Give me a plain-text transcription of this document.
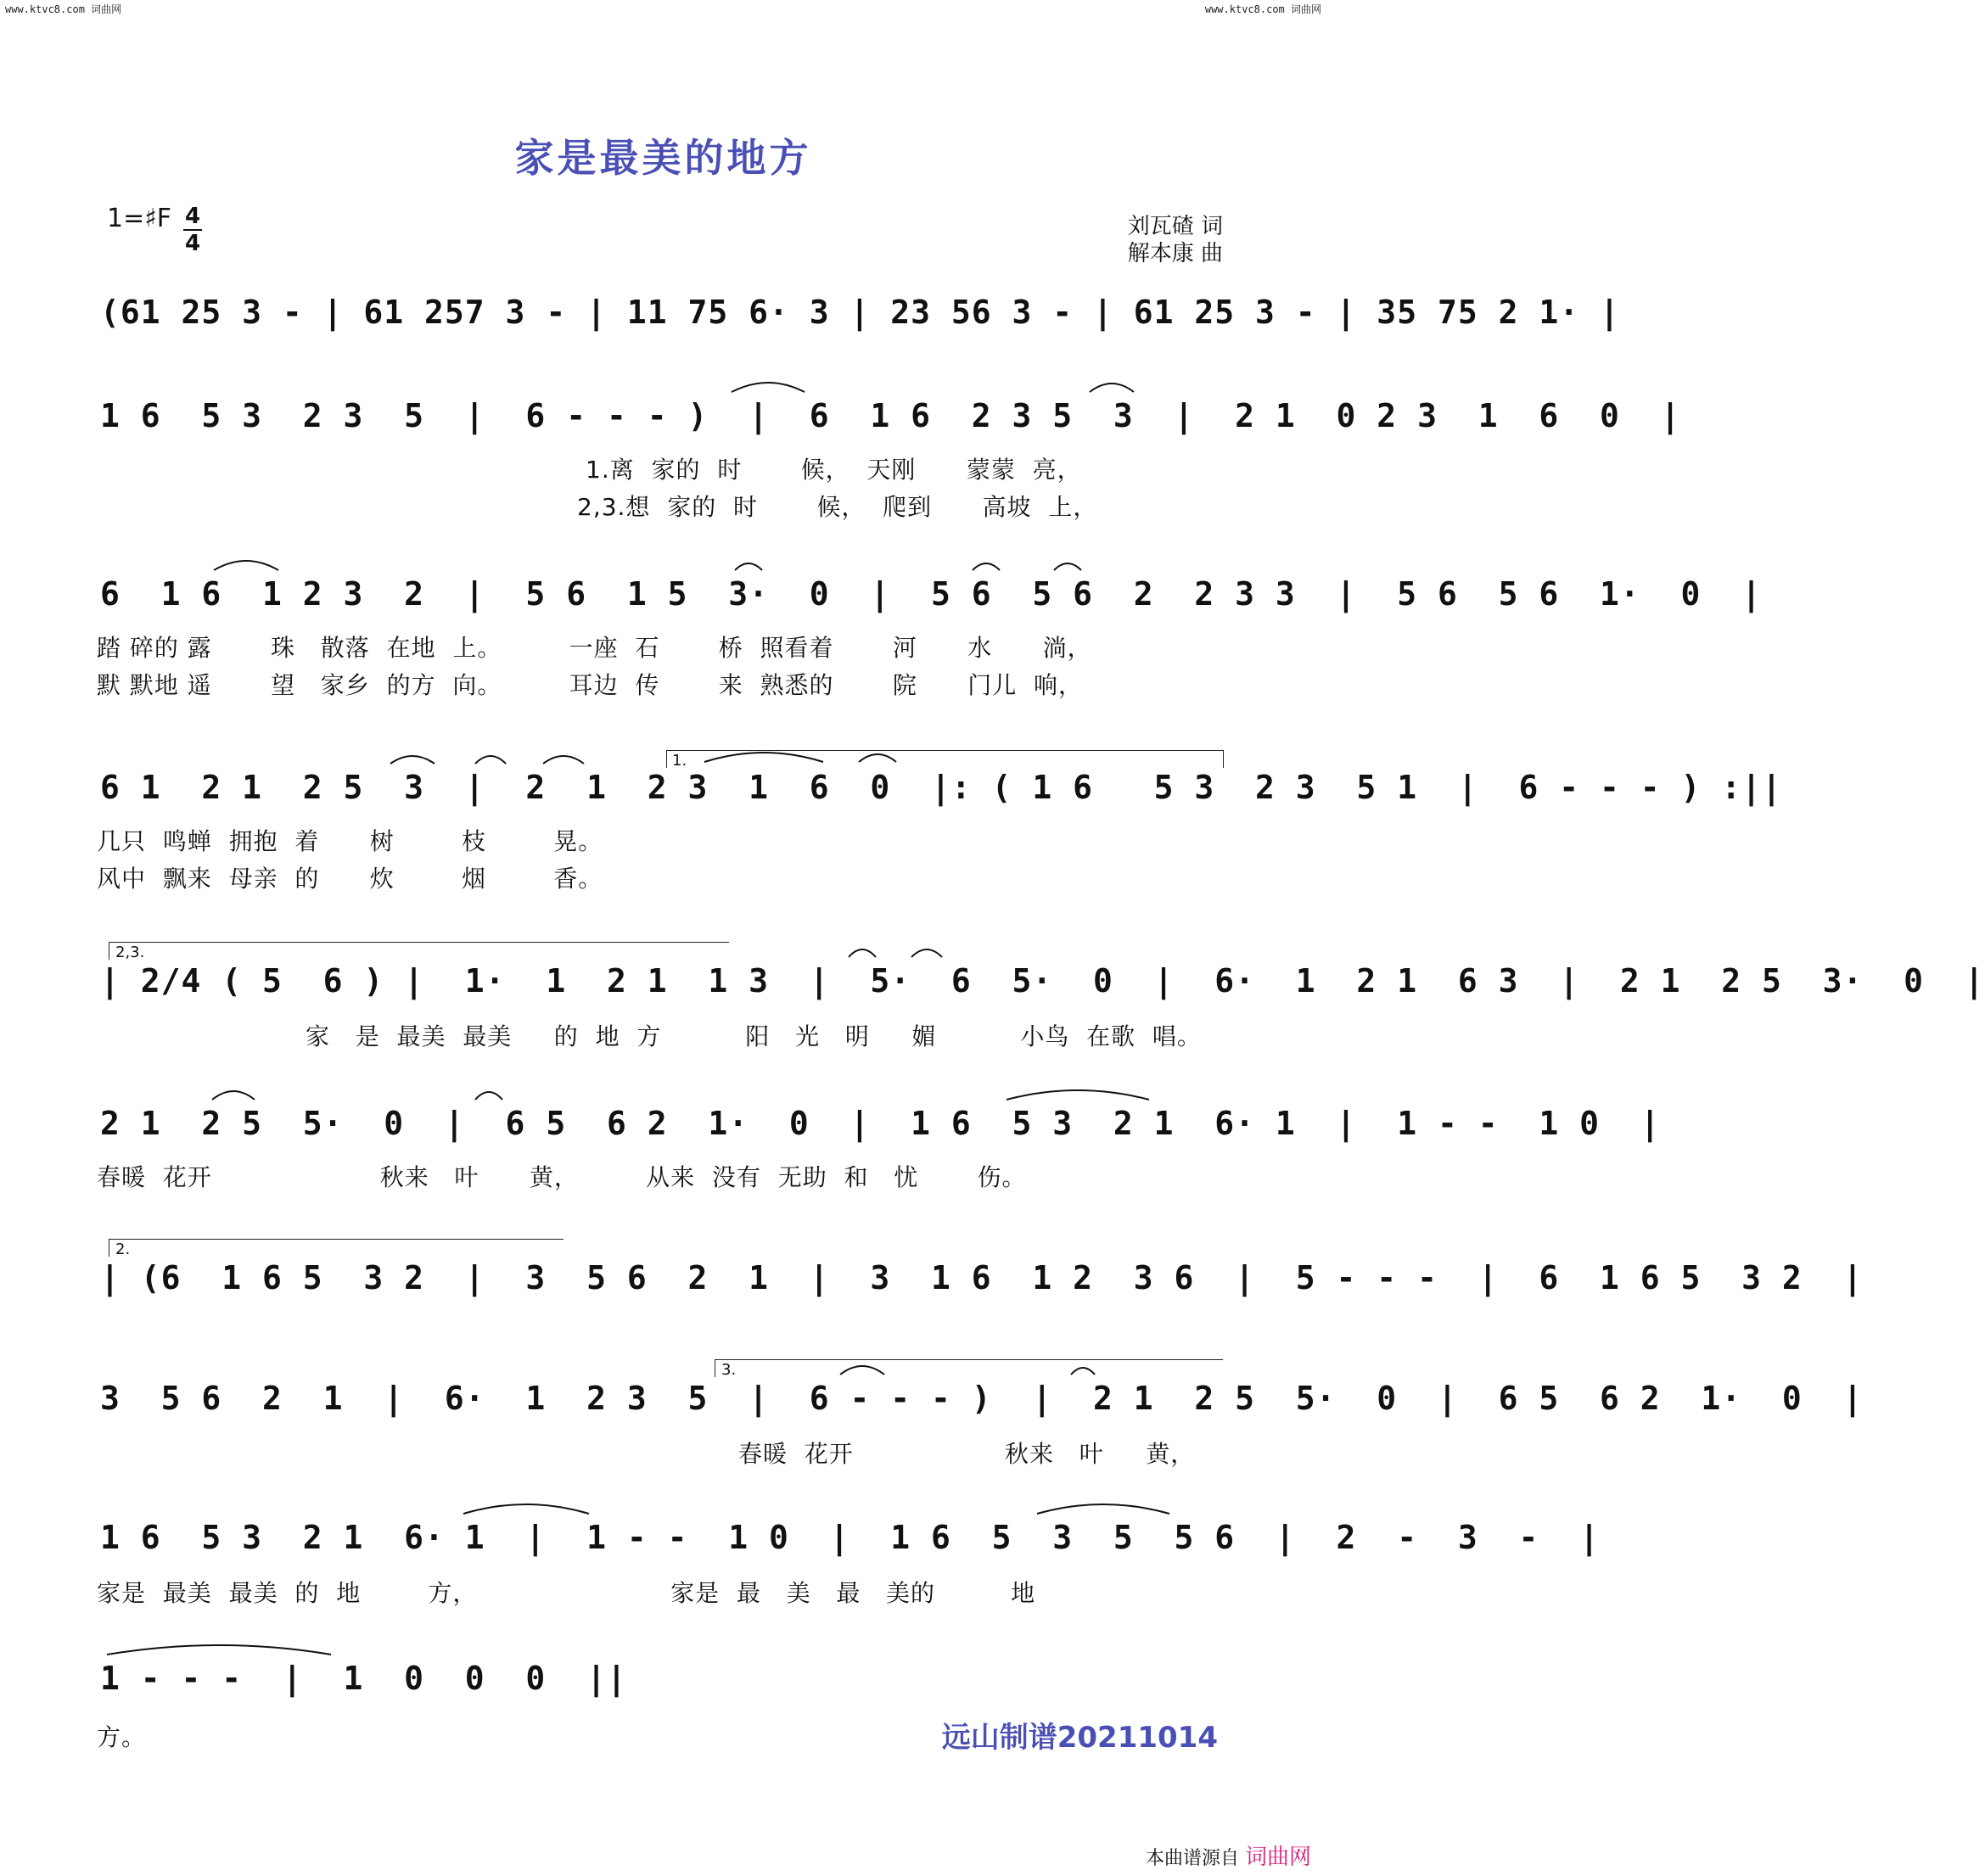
www.ktvc8.com 词曲网	www.ktvc8.com 词曲网
家是最美的地方
1=♯F 4
4
刘瓦碴 词
解本康 曲
(61 25 3 - | 61 257 3 - | 11 75 6· 3 | 23 56 3 - | 61 25 3 - | 35 75 2 1· |
1 6  5 3  2 3  5  |  6 - - - )  |  6  1 6  2 3 5  3  |  2 1  0 2 3  1  6  0  |
1.离  家的  时       候，  天刚      蒙蒙  亮，
2,3.想  家的  时       候，  爬到      高坡  上，
6  1 6  1 2 3  2  |  5 6  1 5  3·  0  |  5 6  5 6  2  2 3 3  |  5 6  5 6  1·  0  |
踏 碎的 露       珠   散落  在地  上。        一座  石       桥  照看着       河      水      淌，
默 默地 遥       望   家乡  的方  向。        耳边  传       来  熟悉的       院      门儿  响，
1.
6 1  2 1  2 5  3  |  2  1  2 3  1  6  0  |: ( 1 6   5 3  2 3  5 1  |  6 - - - ) :||
几只  鸣蝉  拥抱  着      树        枝        晃。
风中  飘来  母亲  的      炊        烟        香。
2,3.
| 2/4 ( 5  6 ) |  1·  1  2 1  1 3  |  5·  6  5·  0  |  6·  1  2 1  6 3  |  2 1  2 5  3·  0  |
家   是  最美  最美     的  地  方          阳   光   明     媚          小鸟  在歌  唱。
2 1  2 5  5·  0  |  6 5  6 2  1·  0  |  1 6  5 3  2 1  6· 1  |  1 - -  1 0  |
春暖  花开                    秋来   叶      黄，        从来  没有  无助  和   忧       伤。
2.
| (6  1 6 5  3 2  |  3  5 6  2  1  |  3  1 6  1 2  3 6  |  5 - - -  |  6  1 6 5  3 2  |
3.
3  5 6  2  1  |  6·  1  2 3  5  |  6 - - - )  |  2 1  2 5  5·  0  |  6 5  6 2  1·  0  |
春暖  花开                  秋来   叶     黄，
1 6  5 3  2 1  6· 1  |  1 - -  1 0  |  1 6  5  3  5  5 6  |  2  -  3  -  |
家是  最美  最美  的  地        方，                       家是  最   美   最   美的         地
1 - - -  |  1  0  0  0  ||
方。	远山制谱20211014
本曲谱源自 词曲网
